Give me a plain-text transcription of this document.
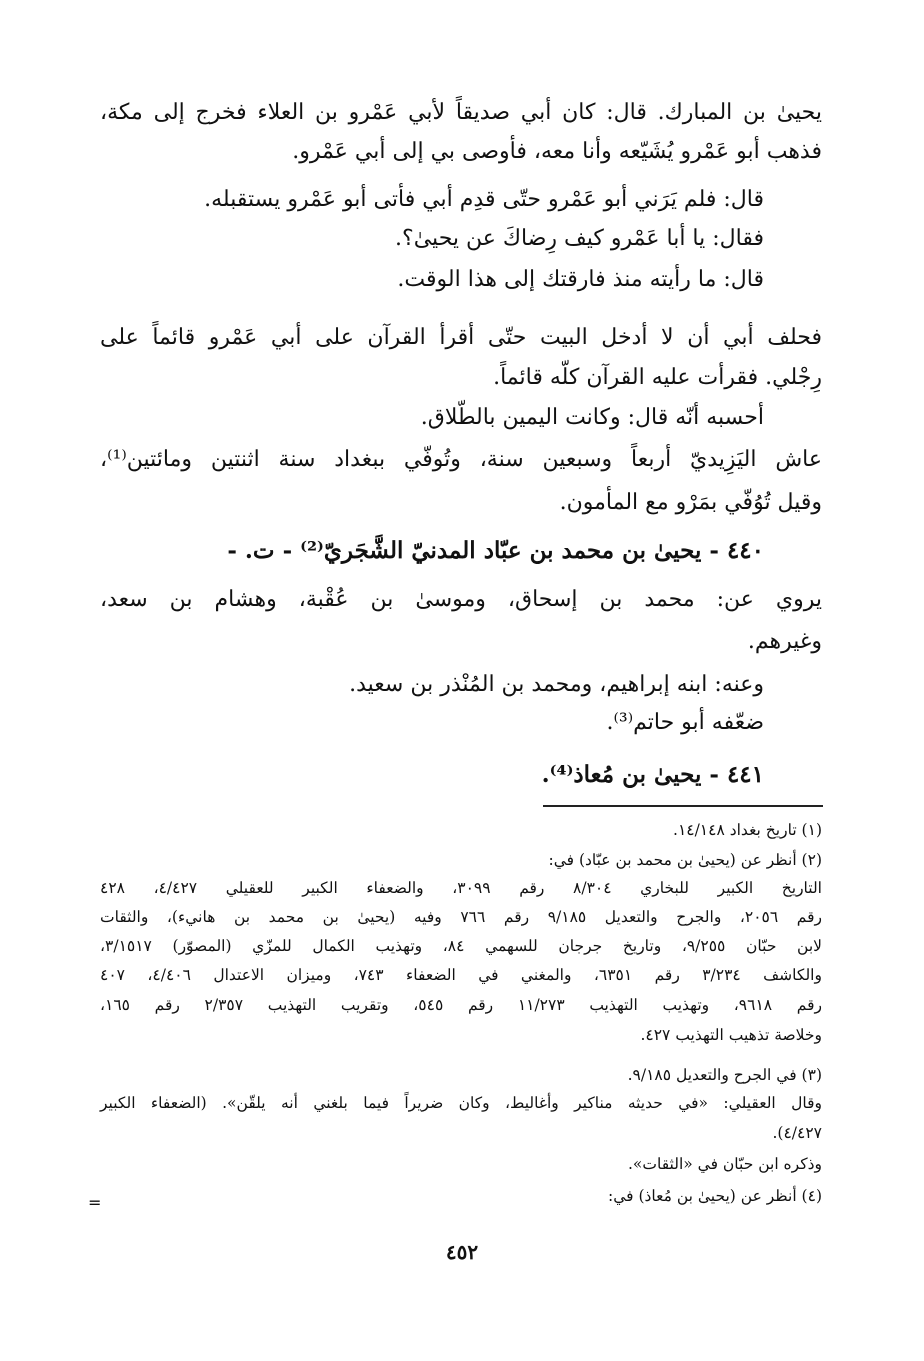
يحيىٰ بن المبارك. قال: كان أبي صديقاً لأبي عَمْرو بن العلاء فخرج إلى مكة،
فذهب أبو عَمْرو يُشَيّعه وأنا معه، فأوصى بي إلى أبي عَمْرو.
قال: فلم يَرَني أبو عَمْرو حتّى قدِم أبي فأتى أبو عَمْرو يستقبله.
فقال: يا أبا عَمْرو كيف رِضاكَ عن يحيىٰ؟.
قال: ما رأيته منذ فارقتك إلى هذا الوقت.
فحلف أبي أن لا أدخل البيت حتّى أقرأ القرآن على أبي عَمْرو قائماً على
رِجْلي. فقرأت عليه القرآن كلّه قائماً.
أحسبه أنّه قال: وكانت اليمين بالطّلاق.
عاش اليَزِيديّ أربعاً وسبعين سنة، وتُوفّي ببغداد سنة اثنتين ومائتين⁽¹⁾،
وقيل تُوُفّي بمَرْو مع المأمون.
٤٤٠ - يحيىٰ بن محمد بن عبّاد المدنيّ الشَّجَريّ⁽²⁾ - ت. -
يروي عن: محمد بن إسحاق، وموسىٰ بن عُقْبة، وهشام بن سعد،
وغيرهم.
وعنه: ابنه إبراهيم، ومحمد بن المُنْذر بن سعيد.
ضعّفه أبو حاتم⁽³⁾.
٤٤١ - يحيىٰ بن مُعاذ⁽⁴⁾.
(١) تاريخ بغداد ١٤/١٤٨.
(٢) أنظر عن (يحيىٰ بن محمد بن عبّاد) في:
التاريخ الكبير للبخاري ٨/٣٠٤ رقم ٣٠٩٩، والضعفاء الكبير للعقيلي ٤/٤٢٧، ٤٢٨
رقم ٢٠٥٦، والجرح والتعديل ٩/١٨٥ رقم ٧٦٦ وفيه (يحيىٰ بن محمد بن هانيء)، والثقات
لابن حبّان ٩/٢٥٥، وتاريخ جرجان للسهمي ٨٤، وتهذيب الكمال للمزّي (المصوّر) ٣/١٥١٧،
والكاشف ٣/٢٣٤ رقم ٦٣٥١، والمغني في الضعفاء ٧٤٣، وميزان الاعتدال ٤/٤٠٦، ٤٠٧
رقم ٩٦١٨، وتهذيب التهذيب ١١/٢٧٣ رقم ٥٤٥، وتقريب التهذيب ٢/٣٥٧ رقم ١٦٥،
وخلاصة تذهيب التهذيب ٤٢٧.
(٣) في الجرح والتعديل ٩/١٨٥.
وقال العقيلي: «في حديثه مناكير وأغاليط، وكان ضريراً فيما بلغني أنه يلقّن». (الضعفاء الكبير
٤/٤٢٧).
وذكره ابن حبّان في «الثقات».
(٤) أنظر عن (يحيىٰ بن مُعاذ) في:
=
٤٥٢
